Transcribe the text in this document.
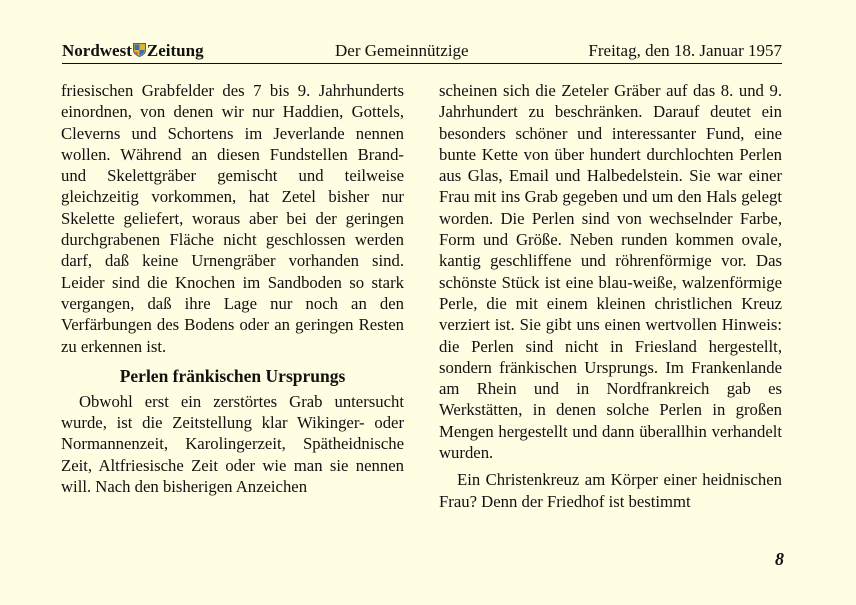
Nordwest Zeitung	Der Gemeinnützige	Freitag, den 18. Januar 1957

friesischen Grabfelder des 7 bis 9. Jahrhunderts einordnen, von denen wir nur Haddien, Gottels, Cleverns und Schortens im Jeverlande nennen wollen. Während an diesen Fundstellen Brand- und Skelettgräber gemischt und teilweise gleichzeitig vorkommen, hat Zetel bisher nur Skelette geliefert, woraus aber bei der geringen durchgrabenen Fläche nicht geschlossen werden darf, daß keine Urnengräber vorhanden sind. Leider sind die Knochen im Sandboden so stark vergangen, daß ihre Lage nur noch an den Verfärbungen des Bodens oder an geringen Resten zu erkennen ist.

Perlen fränkischen Ursprungs

Obwohl erst ein zerstörtes Grab untersucht wurde, ist die Zeitstellung klar Wikinger- oder Normannenzeit, Karolingerzeit, Spätheidnische Zeit, Altfriesische Zeit oder wie man sie nennen will. Nach den bisherigen Anzeichen

scheinen sich die Zeteler Gräber auf das 8. und 9. Jahrhundert zu beschränken. Darauf deutet ein besonders schöner und interessanter Fund, eine bunte Kette von über hundert durchlochten Perlen aus Glas, Email und Halbedelstein. Sie war einer Frau mit ins Grab gegeben und um den Hals gelegt worden. Die Perlen sind von wechselnder Farbe, Form und Größe. Neben runden kommen ovale, kantig geschliffene und röhrenförmige vor. Das schönste Stück ist eine blau-weiße, walzenförmige Perle, die mit einem kleinen christlichen Kreuz verziert ist. Sie gibt uns einen wertvollen Hinweis: die Perlen sind nicht in Friesland hergestellt, sondern fränkischen Ursprungs. Im Frankenlande am Rhein und in Nordfrankreich gab es Werkstätten, in denen solche Perlen in großen Mengen hergestellt und dann überallhin verhandelt wurden.

Ein Christenkreuz am Körper einer heidnischen Frau? Denn der Friedhof ist bestimmt

8
